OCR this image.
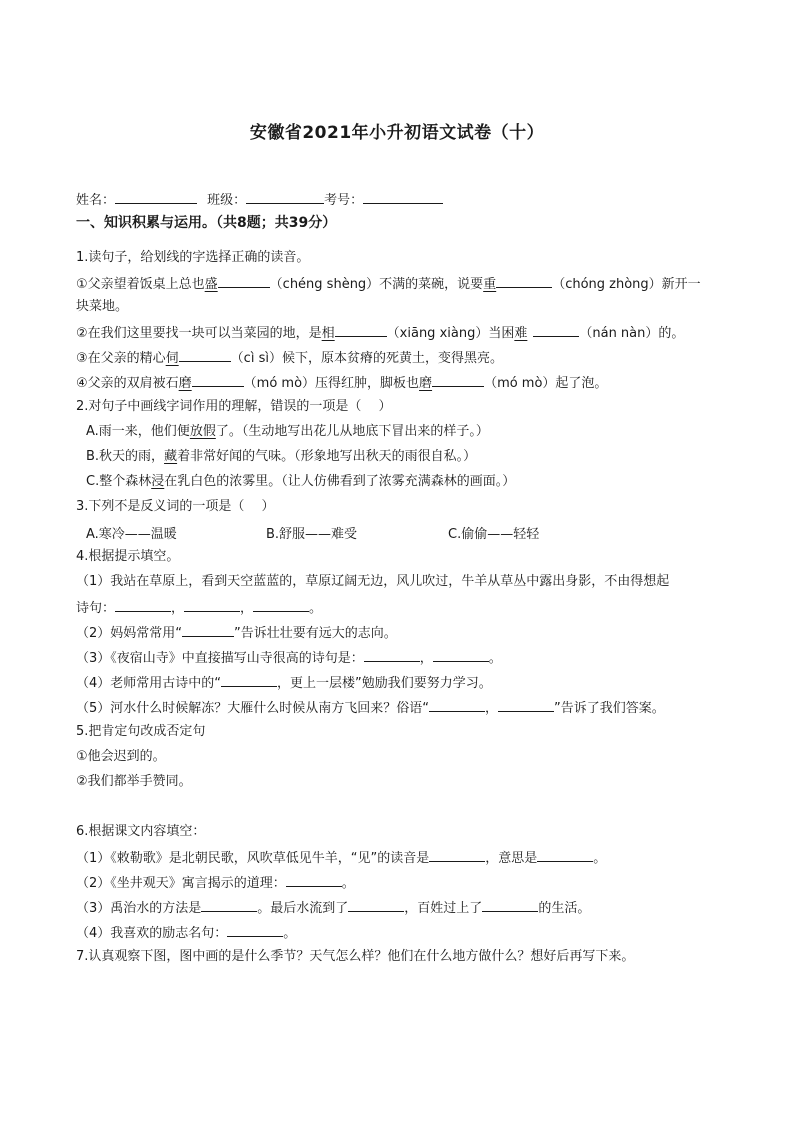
安徽省2021年小升初语文试卷（十）
姓名：	班级：	考号：
一、知识积累与运用。（共8题；共39分）
1.读句子，给划线的字选择正确的读音。
①父亲望着饭桌上总也盛	（chéng shèng）不满的菜碗，说要重	（chóng zhòng）新开一
块菜地。
②在我们这里要找一块可以当菜园的地，是相	（xiāng xiàng）当困难	（nán nàn）的。
③在父亲的精心伺	（cì sì）候下，原本贫瘠的死黄土，变得黑亮。
④父亲的双肩被石磨	（mó mò）压得红肿，脚板也磨	（mó mò）起了泡。
2.对句子中画线字词作用的理解，错误的一项是（　 ）
A.雨一来，他们便放假了。（生动地写出花儿从地底下冒出来的样子。）
B.秋天的雨，藏着非常好闻的气味。（形象地写出秋天的雨很自私。）
C.整个森林浸在乳白色的浓雾里。（让人仿佛看到了浓雾充满森林的画面。）
3.下列不是反义词的一项是（　 ）
A.寒冷——温暖	B.舒服——难受	C.偷偷——轻轻
4.根据提示填空。
（1）我站在草原上，看到天空蓝蓝的，草原辽阔无边，风儿吹过，牛羊从草丛中露出身影，不由得想起
诗句：	，	，	。
（2）妈妈常常用“	”告诉壮壮要有远大的志向。
（3）《夜宿山寺》中直接描写山寺很高的诗句是：	，	。
（4）老师常用古诗中的“	，更上一层楼”勉励我们要努力学习。
（5）河水什么时候解冻？大雁什么时候从南方飞回来？俗语“	，	”告诉了我们答案。
5.把肯定句改成否定句
①他会迟到的。
②我们都举手赞同。
6.根据课文内容填空：
（1）《敕勒歌》是北朝民歌，风吹草低见牛羊，“见”的读音是	，意思是	。
（2）《坐井观天》寓言揭示的道理：	。
（3）禹治水的方法是	。最后水流到了	，百姓过上了	的生活。
（4）我喜欢的励志名句：	。
7.认真观察下图，图中画的是什么季节？天气怎么样？他们在什么地方做什么？想好后再写下来。
